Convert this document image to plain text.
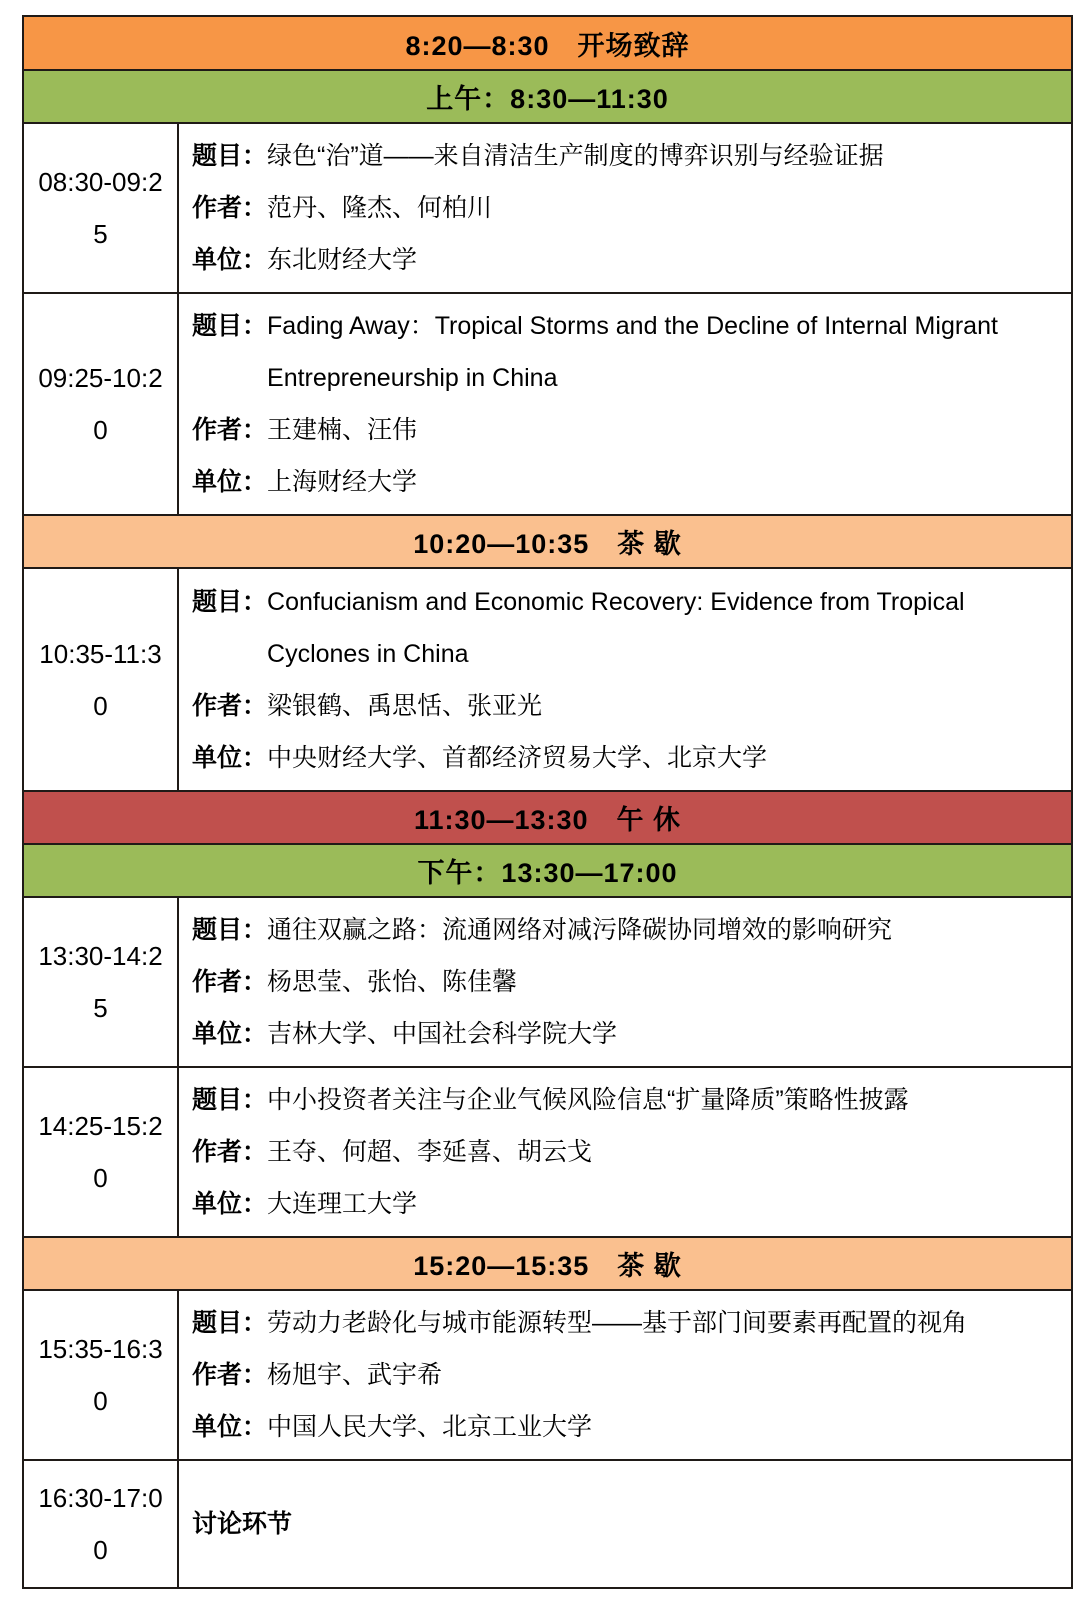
8:20—8:30　开场致辞
上午：8:30—11:30
08:30-09:25
题目： 绿色“治”道——来自清洁生产制度的博弈识别与经验证据
作者： 范丹、隆杰、何柏川
单位： 东北财经大学
09:25-10:20
题目： Fading Away：Tropical Storms and the Decline of Internal Migrant Entrepreneurship in China
作者： 王建楠、汪伟
单位： 上海财经大学
10:20—10:35　茶 歇
10:35-11:30
题目： Confucianism and Economic Recovery: Evidence from Tropical Cyclones in China
作者： 梁银鹤、禹思恬、张亚光
单位： 中央财经大学、首都经济贸易大学、北京大学
11:30—13:30　午 休
下午：13:30—17:00
13:30-14:25
题目： 通往双赢之路：流通网络对减污降碳协同增效的影响研究
作者： 杨思莹、张怡、陈佳馨
单位： 吉林大学、中国社会科学院大学
14:25-15:20
题目： 中小投资者关注与企业气候风险信息“扩量降质”策略性披露
作者： 王夺、何超、李延喜、胡云戈
单位： 大连理工大学
15:20—15:35　茶 歇
15:35-16:30
题目： 劳动力老龄化与城市能源转型——基于部门间要素再配置的视角
作者： 杨旭宇、武宇希
单位： 中国人民大学、北京工业大学
16:30-17:00
讨论环节
